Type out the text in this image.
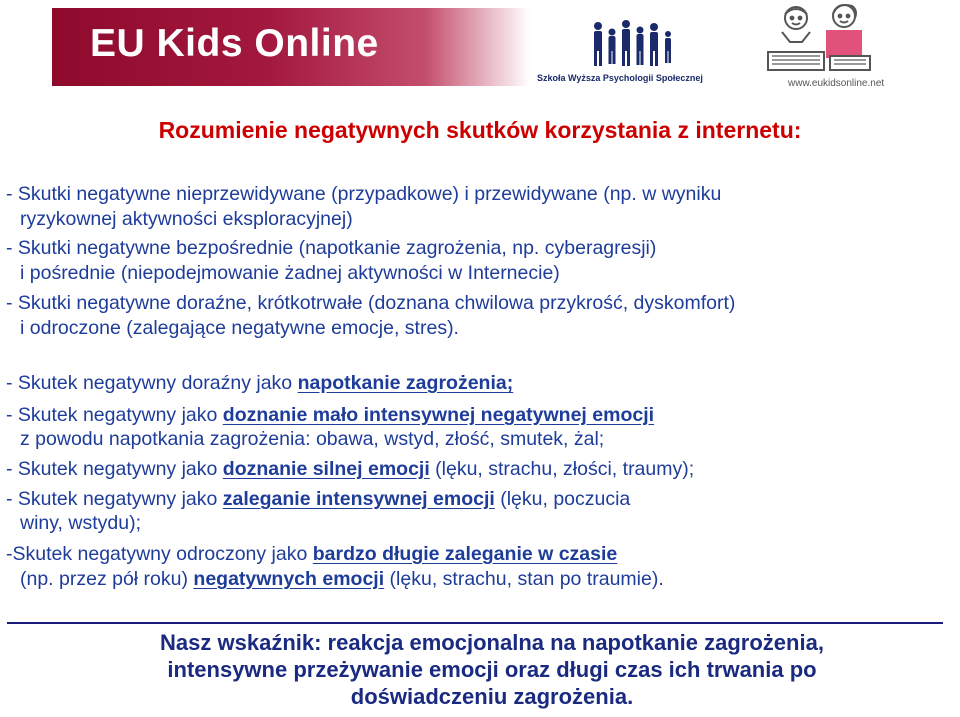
EU Kids Online
Szkoła Wyższa Psychologii Społecznej	www.eukidsonline.net
Rozumienie negatywnych skutków korzystania z internetu:
- Skutki negatywne nieprzewidywane (przypadkowe) i przewidywane (np. w wyniku
ryzykownej aktywności eksploracyjnej)
- Skutki negatywne bezpośrednie (napotkanie zagrożenia, np. cyberagresji)
i pośrednie (niepodejmowanie żadnej aktywności w Internecie)
- Skutki negatywne doraźne, krótkotrwałe (doznana chwilowa przykrość, dyskomfort)
i odroczone (zalegające negatywne emocje, stres).
- Skutek negatywny doraźny jako napotkanie zagrożenia;
- Skutek negatywny jako doznanie mało intensywnej negatywnej emocji
z powodu napotkania zagrożenia: obawa, wstyd, złość, smutek, żal;
- Skutek negatywny jako doznanie silnej emocji (lęku, strachu, złości, traumy);
- Skutek negatywny jako zaleganie intensywnej emocji (lęku, poczucia
winy, wstydu);
-Skutek negatywny odroczony jako bardzo długie zaleganie w czasie
(np. przez pół roku) negatywnych emocji (lęku, strachu, stan po traumie).
Nasz wskaźnik: reakcja emocjonalna na napotkanie zagrożenia,
intensywne przeżywanie emocji oraz długi czas ich trwania po
doświadczeniu zagrożenia.
